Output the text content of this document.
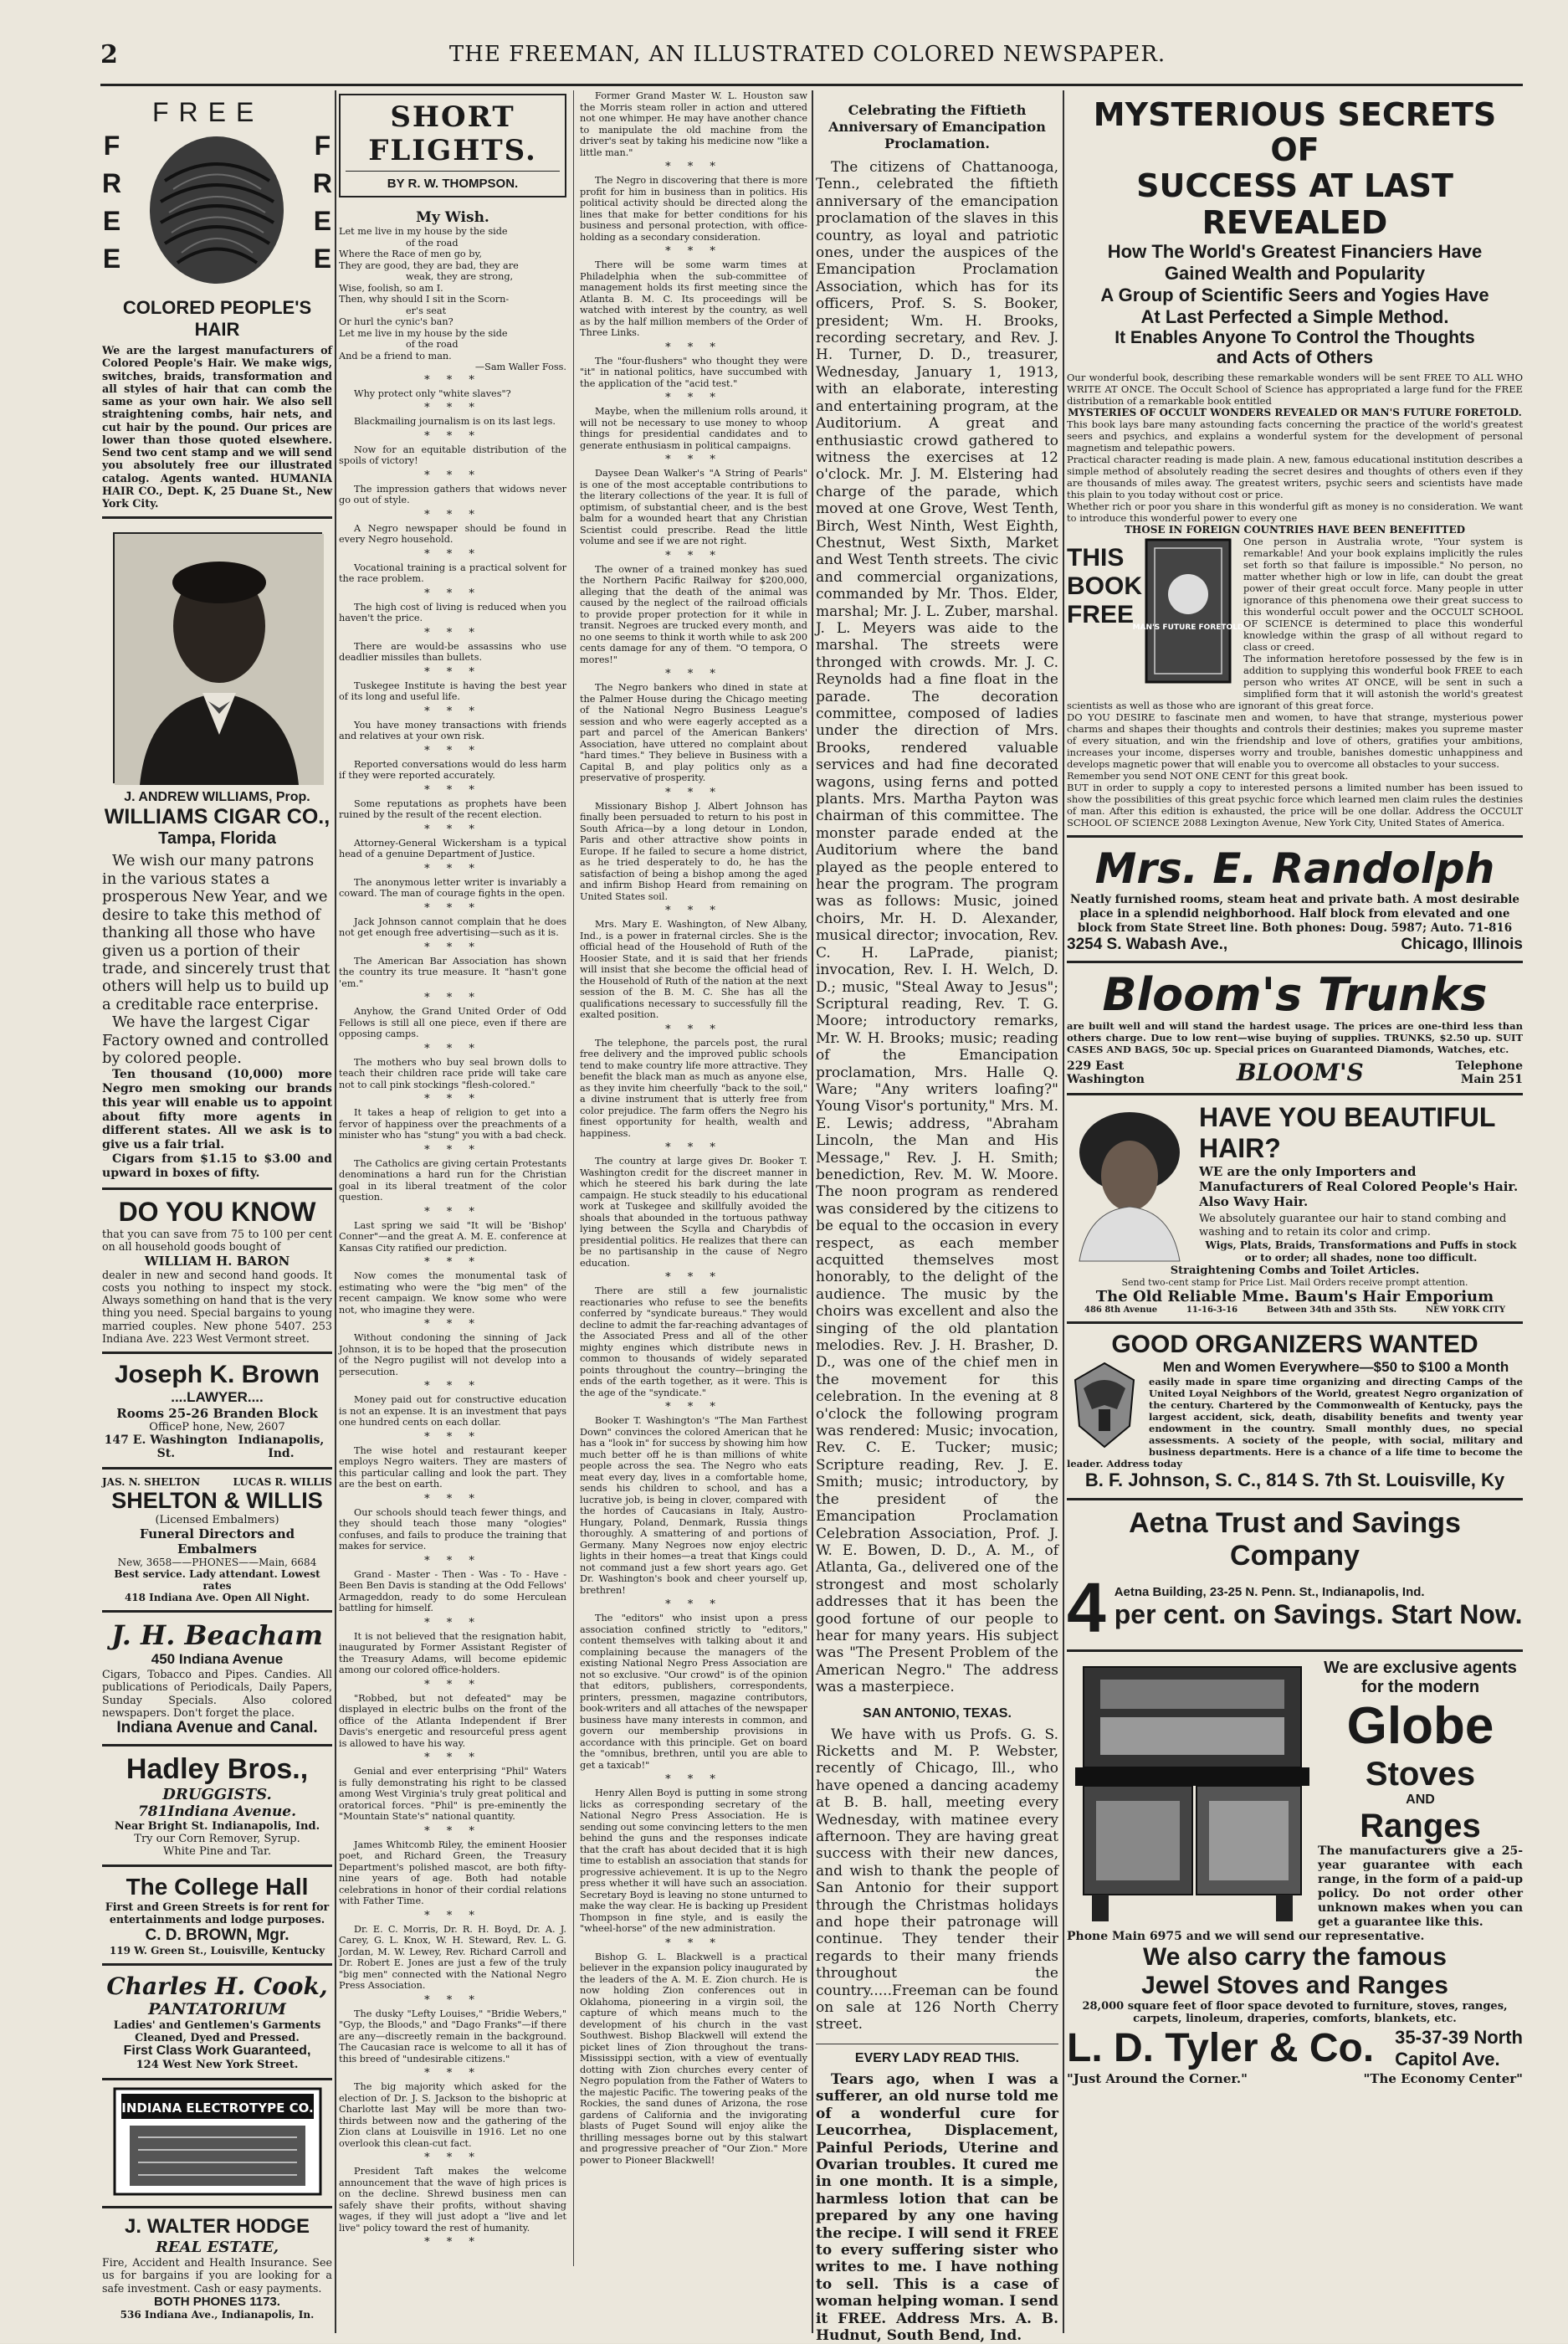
2	THE FREEMAN, AN ILLUSTRATED COLORED NEWSPAPER.
FREE
F
R
E
E
F
R
E
E
COLORED PEOPLE'S HAIR
We are the largest manufacturers of Colored People's Hair. We make wigs, switches, braids, transformation and all styles of hair that can comb the same as your own hair. We also sell straightening combs, hair nets, and cut hair by the pound. Our prices are lower than those quoted elsewhere. Send two cent stamp and we will send you absolutely free our illustrated catalog. Agents wanted. HUMANIA HAIR CO., Dept. K, 25 Duane St., New York City.
J. ANDREW WILLIAMS, Prop.
WILLIAMS CIGAR CO.,
Tampa, Florida

We wish our many patrons in the various states a prosperous New Year, and we desire to take this method of thanking all those who have given us a portion of their trade, and sincerely trust that others will help us to build up a creditable race enterprise.

We have the largest Cigar Factory owned and controlled by colored people.

Ten thousand (10,000) more Negro men smoking our brands this year will enable us to appoint about fifty more agents in different states. All we ask is to give us a fair trial.

Cigars from $1.15 to $3.00 and upward in boxes of fifty.

DO YOU KNOW
that you can save from 75 to 100 per cent on all household goods bought of
WILLIAM H. BARON
dealer in new and second hand goods. It costs you nothing to inspect my stock. Always something on hand that is the very thing you need. Special bargains to young married couples. New phone 5407. 253 Indiana Ave. 223 West Vermont street.
Joseph K. Brown
....LAWYER....
Rooms 25-26 Branden Block
OfficeP hone, New, 2607
147 E. Washington St.
Indianapolis, Ind.
JAS. N. SHELTON	LUCAS R. WILLIS
SHELTON & WILLIS
(Licensed Embalmers)
Funeral Directors and Embalmers
New, 3658——PHONES——Main, 6684
Best service. Lady attendant. Lowest rates
418 Indiana Ave. Open All Night.
J. H. Beacham
450 Indiana Avenue
Cigars, Tobacco and Pipes. Candies. All publications of Periodicals, Daily Papers, Sunday Specials. Also colored newspapers. Don't forget the place.
Indiana Avenue and Canal.
Hadley Bros.,
DRUGGISTS.
781Indiana Avenue.
Near Bright St. Indianapolis, Ind.
Try our Corn Remover, Syrup.
White Pine and Tar.
The College Hall
First and Green Streets is for rent for entertainments and lodge purposes.
C. D. BROWN, Mgr.
119 W. Green St., Louisville, Kentucky
Charles H. Cook,
PANTATORIUM
Ladies' and Gentlemen's Garments Cleaned, Dyed and Pressed.
First Class Work Guaranteed,
124 West New York Street.
INDIANA ELECTROTYPE CO.
J. WALTER HODGE
REAL ESTATE,
Fire, Accident and Health Insurance. See us for bargains if you are looking for a safe investment. Cash or easy payments.
BOTH PHONES 1173.
536 Indiana Ave., Indianapolis, In.
SHORT FLIGHTS.
BY R. W. THOMPSON.
My Wish.
Let me live in my house by the side
of the road
Where the Race of men go by,
They are good, they are bad, they are
weak, they are strong,
Wise, foolish, so am I.
Then, why should I sit in the Scorn-
er's seat
Or hurl the cynic's ban?
Let me live in my house by the side
of the road
And be a friend to man.
—Sam Waller Foss.
* * *

Why protect only "white slaves"?

* * *

Blackmailing journalism is on its last legs.

* * *

Now for an equitable distribution of the spoils of victory!

* * *

The impression gathers that widows never go out of style.

* * *

A Negro newspaper should be found in every Negro household.

* * *

Vocational training is a practical solvent for the race problem.

* * *

The high cost of living is reduced when you haven't the price.

* * *

There are would-be assassins who use deadlier missiles than bullets.

* * *

Tuskegee Institute is having the best year of its long and useful life.

* * *

You have money transactions with friends and relatives at your own risk.

* * *

Reported conversations would do less harm if they were reported accurately.

* * *

Some reputations as prophets have been ruined by the result of the recent election.

* * *

Attorney-General Wickersham is a typical head of a genuine Department of Justice.

* * *

The anonymous letter writer is invariably a coward. The man of courage fights in the open.

* * *

Jack Johnson cannot complain that he does not get enough free advertising—such as it is.

* * *

The American Bar Association has shown the country its true measure. It "hasn't gone 'em."

* * *

Anyhow, the Grand United Order of Odd Fellows is still all one piece, even if there are opposing camps.

* * *

The mothers who buy seal brown dolls to teach their children race pride will take care not to call pink stockings "flesh-colored."

* * *

It takes a heap of religion to get into a fervor of happiness over the preachments of a minister who has "stung" you with a bad check.

* * *

The Catholics are giving certain Protestants denominations a hard run for the Christian goal in its liberal treatment of the color question.

* * *

Last spring we said "It will be 'Bishop' Conner"—and the great A. M. E. conference at Kansas City ratified our prediction.

* * *

Now comes the monumental task of estimating who were the "big men" of the recent campaign. We know some who were not, who imagine they were.

* * *

Without condoning the sinning of Jack Johnson, it is to be hoped that the prosecution of the Negro pugilist will not develop into a persecution.

* * *

Money paid out for constructive education is not an expense. It is an investment that pays one hundred cents on each dollar.

* * *

The wise hotel and restaurant keeper employs Negro waiters. They are masters of this particular calling and look the part. They are the best on earth.

* * *

Our schools should teach fewer things, and they should teach those many "ologies" confuses, and fails to produce the training that makes for service.

* * *

Grand - Master - Then - Was - To - Have - Been Ben Davis is standing at the Odd Fellows' Armageddon, ready to do some Herculean battling for himself.

* * *

It is not believed that the resignation habit, inaugurated by Former Assistant Register of the Treasury Adams, will become epidemic among our colored office-holders.

* * *

"Robbed, but not defeated" may be displayed in electric bulbs on the front of the office of the Atlanta Independent if Brer Davis's energetic and resourceful press agent is allowed to have his way.

* * *

Genial and ever enterprising "Phil" Waters is fully demonstrating his right to be classed among West Virginia's truly great political and oratorical forces. "Phil" is pre-eminently the "Mountain State's" national quantity.

* * *

James Whitcomb Riley, the eminent Hoosier poet, and Richard Green, the Treasury Department's polished mascot, are both fifty-nine years of age. Both had notable celebrations in honor of their cordial relations with Father Time.

* * *

Dr. E. C. Morris, Dr. R. H. Boyd, Dr. A. J. Carey, G. L. Knox, W. H. Steward, Rev. L. G. Jordan, M. W. Lewey, Rev. Richard Carroll and Dr. Robert E. Jones are just a few of the truly "big men" connected with the National Negro Press Association.

* * *

The dusky "Lefty Louises," "Bridie Webers," "Gyp, the Bloods," and "Dago Franks"—if there are any—discreetly remain in the background. The Caucasian race is welcome to all it has of this breed of "undesirable citizens."

* * *

The big majority which asked for the election of Dr. J. S. Jackson to the bishopric at Charlotte last May will be more than two-thirds between now and the gathering of the Zion clans at Louisville in 1916. Let no one overlook this clean-cut fact.

* * *

President Taft makes the welcome announcement that the wave of high prices is on the decline. Shrewd business men can safely shave their profits, without shaving wages, if they will just adopt a "live and let live" policy toward the rest of humanity.

* * *

Former Grand Master W. L. Houston saw the Morris steam roller in action and uttered not one whimper. He may have another chance to manipulate the old machine from the driver's seat by taking his medicine now "like a little man."

* * *

The Negro in discovering that there is more profit for him in business than in politics. His political activity should be directed along the lines that make for better conditions for his business and personal protection, with office-holding as a secondary consideration.

* * *

There will be some warm times at Philadelphia when the sub-committee of management holds its first meeting since the Atlanta B. M. C. Its proceedings will be watched with interest by the country, as well as by the half million members of the Order of Three Links.

* * *

The "four-flushers" who thought they were "it" in national politics, have succumbed with the application of the "acid test."

* * *

Maybe, when the millenium rolls around, it will not be necessary to use money to whoop things for presidential candidates and to generate enthusiasm in political campaigns.

* * *

Daysee Dean Walker's "A String of Pearls" is one of the most acceptable contributions to the literary collections of the year. It is full of optimism, of substantial cheer, and is the best balm for a wounded heart that any Christian Scientist could prescribe. Read the little volume and see if we are not right.

* * *

The owner of a trained monkey has sued the Northern Pacific Railway for $200,000, alleging that the death of the animal was caused by the neglect of the railroad officials to provide proper protection for it while in transit. Negroes are trucked every month, and no one seems to think it worth while to ask 200 cents damage for any of them. "O tempora, O mores!"

* * *

The Negro bankers who dined in state at the Palmer House during the Chicago meeting of the National Negro Business League's session and who were eagerly accepted as a part and parcel of the American Bankers' Association, have uttered no complaint about "hard times." They believe in Business with a Capital B, and play politics only as a preservative of prosperity.

* * *

Missionary Bishop J. Albert Johnson has finally been persuaded to return to his post in South Africa—by a long detour in London, Paris and other attractive show points in Europe. If he failed to secure a home district, as he tried desperately to do, he has the satisfaction of being a bishop among the aged and infirm Bishop Heard from remaining on United States soil.

* * *

Mrs. Mary E. Washington, of New Albany, Ind., is a power in fraternal circles. She is the official head of the Household of Ruth of the Hoosier State, and it is said that her friends will insist that she become the official head of the Household of Ruth of the nation at the next session of the B. M. C. She has all the qualifications necessary to successfully fill the exalted position.

* * *

The telephone, the parcels post, the rural free delivery and the improved public schools tend to make country life more attractive. They benefit the black man as much as anyone else, as they invite him cheerfully "back to the soil," a divine instrument that is utterly free from color prejudice. The farm offers the Negro his finest opportunity for health, wealth and happiness.

* * *

The country at large gives Dr. Booker T. Washington credit for the discreet manner in which he steered his bark during the late campaign. He stuck steadily to his educational work at Tuskegee and skillfully avoided the shoals that abounded in the tortuous pathway lying between the Scylla and Charybdis of presidential politics. He realizes that there can be no partisanship in the cause of Negro education.

* * *

There are still a few journalistic reactionaries who refuse to see the benefits conferred by "syndicate bureaus." They would decline to admit the far-reaching advantages of the Associated Press and all of the other mighty engines which distribute news in common to thousands of widely separated points throughout the country—bringing the ends of the earth together, as it were. This is the age of the "syndicate."

* * *

Booker T. Washington's "The Man Farthest Down" convinces the colored American that he has a "look in" for success by showing him how much better off he is than millions of white people across the sea. The Negro who eats meat every day, lives in a comfortable home, sends his children to school, and has a lucrative job, is being in clover, compared with the hordes of Caucasians in Italy, Austro-Hungary, Poland, Denmark, Russia things thoroughly. A smattering of and portions of Germany. Many Negroes now enjoy electric lights in their homes—a treat that Kings could not command just a few short years ago. Get Dr. Washington's book and cheer yourself up, brethren!

* * *

The "editors" who insist upon a press association confined strictly to "editors," content themselves with talking about it and complaining because the managers of the existing National Negro Press Association are not so exclusive. "Our crowd" is of the opinion that editors, publishers, correspondents, printers, pressmen, magazine contributors, book-writers and all attaches of the newspaper business have many interests in common, and govern our membership provisions in accordance with this principle. Get on board the "omnibus, brethren, until you are able to get a taxicab!"

* * *

Henry Allen Boyd is putting in some strong licks as corresponding secretary of the National Negro Press Association. He is sending out some convincing letters to the men behind the guns and the responses indicate that the craft has about decided that it is high time to establish an association that stands for progressive achievement. It is up to the Negro press whether it will have such an association. Secretary Boyd is leaving no stone unturned to make the way clear. He is backing up President Thompson in fine style, and is easily the "wheel-horse" of the new administration.

* * *

Bishop G. L. Blackwell is a practical believer in the expansion policy inaugurated by the leaders of the A. M. E. Zion church. He is now holding Zion conferences out in Oklahoma, pioneering in a virgin soil, the capture of which means much to the development of his church in the vast Southwest. Bishop Blackwell will extend the picket lines of Zion throughout the trans-Mississippi section, with a view of eventually dotting with Zion churches every center of Negro population from the Father of Waters to the majestic Pacific. The towering peaks of the Rockies, the sand dunes of Arizona, the rose gardens of California and the invigorating blasts of Puget Sound will enjoy alike the thrilling messages borne out by this stalwart and progressive preacher of "Our Zion." More power to Pioneer Blackwell!

Celebrating the Fiftieth Anniversary of Emancipation Proclamation.

The citizens of Chattanooga, Tenn., celebrated the fiftieth anniversary of the emancipation proclamation of the slaves in this country, as loyal and patriotic ones, under the auspices of the Emancipation Proclamation Association, which has for its officers, Prof. S. S. Booker, president; Wm. H. Brooks, recording secretary, and Rev. J. H. Turner, D. D., treasurer, Wednesday, January 1, 1913, with an elaborate, interesting and entertaining program, at the Auditorium. A great and enthusiastic crowd gathered to witness the exercises at 12 o'clock. Mr. J. M. Elstering had charge of the parade, which moved at one Grove, West Tenth, Birch, West Ninth, West Eighth, Chestnut, West Sixth, Market and West Tenth streets. The civic and commercial organizations, commanded by Mr. Thos. Elder, marshal; Mr. J. L. Zuber, marshal. J. L. Meyers was aide to the marshal. The streets were thronged with crowds. Mr. J. C. Reynolds had a fine float in the parade. The decoration committee, composed of ladies under the direction of Mrs. Brooks, rendered valuable services and had fine decorated wagons, using ferns and potted plants. Mrs. Martha Payton was chairman of this committee. The monster parade ended at the Auditorium where the band played as the people entered to hear the program. The program was as follows: Music, joined choirs, Mr. H. D. Alexander, musical director; invocation, Rev. C. H. LaPrade, pianist; invocation, Rev. I. H. Welch, D. D.; music, "Steal Away to Jesus"; Scriptural reading, Rev. T. G. Moore; introductory remarks, Mr. W. H. Brooks; music; reading of the Emancipation proclamation, Mrs. Halle Q. Ware; "Any writers loafing?" Young Visor's portunity," Mrs. M. E. Lewis; address, "Abraham Lincoln, the Man and His Message," Rev. J. H. Smith; benediction, Rev. M. W. Moore. The noon program as rendered was considered by the citizens to be equal to the occasion in every respect, as each member acquitted themselves most honorably, to the delight of the audience. The music by the choirs was excellent and also the singing of the old plantation melodies. Rev. J. H. Brasher, D. D., was one of the chief men in the movement for this celebration. In the evening at 8 o'clock the following program was rendered: Music; invocation, Rev. C. E. Tucker; music; Scripture reading, Rev. J. E. Smith; music; introductory, by the president of the Emancipation Proclamation Celebration Association, Prof. J. W. E. Bowen, D. D., A. M., of Atlanta, Ga., delivered one of the strongest and most scholarly addresses that it has been the good fortune of our people to hear for many years. His subject was "The Present Problem of the American Negro." The address was a masterpiece.

SAN ANTONIO, TEXAS.

We have with us Profs. G. S. Ricketts and M. P. Webster, recently of Chicago, Ill., who have opened a dancing academy at B. B. hall, meeting every Wednesday, with matinee every afternoon. They are having great success with their new dances, and wish to thank the people of San Antonio for their support through the Christmas holidays and hope their patronage will continue. They tender their regards to their many friends throughout the country.....Freeman can be found on sale at 126 North Cherry street.

EVERY LADY READ THIS.

Tears ago, when I was a sufferer, an old nurse told me of a wonderful cure for Leucorrhea, Displacement, Painful Periods, Uterine and Ovarian troubles. It cured me in one month. It is a simple, harmless lotion that can be prepared by any one having the recipe. I will send it FREE to every suffering sister who writes to me. I have nothing to sell. This is a case of woman helping woman. I send it FREE. Address Mrs. A. B. Hudnut, South Bend, Ind.

MYSTERIOUS SECRETS OF
SUCCESS AT LAST REVEALED
How The World's Greatest Financiers Have
Gained Wealth and Popularity
A Group of Scientific Seers and Yogies Have
At Last Perfected a Simple Method.
It Enables Anyone To Control the Thoughts
and Acts of Others
Our wonderful book, describing these remarkable wonders will be sent FREE TO ALL WHO WRITE AT ONCE. The Occult School of Science has appropriated a large fund for the FREE distribution of a remarkable book entitled
MYSTERIES OF OCCULT WONDERS REVEALED OR MAN'S FUTURE FORETOLD.
This book lays bare many astounding facts concerning the practice of the world's greatest seers and psychics, and explains a wonderful system for the development of personal magnetism and telepathic powers.
Practical character reading is made plain. A new, famous educational institution describes a simple method of absolutely reading the secret desires and thoughts of others even if they are thousands of miles away. The greatest writers, psychic seers and scientists have made this plain to you today without cost or price.
Whether rich or poor you share in this wonderful gift as money is no consideration. We want to introduce this wonderful power to every one
THOSE IN FOREIGN COUNTRIES HAVE BEEN BENEFITTED
THIS
BOOK
FREE
MAN'S FUTURE FORETOLD
One person in Australia wrote, "Your system is remarkable! And your book explains implicitly the rules set forth so that failure is impossible." No person, no matter whether high or low in life, can doubt the great power of their great occult force. Many people in utter ignorance of this phenomena owe their great success to this wonderful occult power and the OCCULT SCHOOL OF SCIENCE is determined to place this wonderful knowledge within the grasp of all without regard to class or creed.
The information heretofore possessed by the few is in addition to supplying this wonderful book FREE to each person who writes AT ONCE, will be sent in such a simplified form that it will astonish the world's greatest scientists as well as those who are ignorant of this great force.
DO YOU DESIRE to fascinate men and women, to have that strange, mysterious power charms and shapes their thoughts and controls their destinies; makes you supreme master of every situation, and win the friendship and love of others, gratifies your ambitions, increases your income, disperses worry and trouble, banishes domestic unhappiness and develops magnetic power that will enable you to overcome all obstacles to your success.
Remember you send NOT ONE CENT for this great book.
BUT in order to supply a copy to interested persons a limited number has been issued to show the possibilities of this great psychic force which learned men claim rules the destinies of man. After this edition is exhausted, the price will be one dollar. Address the OCCULT SCHOOL OF SCIENCE 2088 Lexington Avenue, New York City, United States of America.
Mrs. E. Randolph
Neatly furnished rooms, steam heat and private bath. A most desirable place in a splendid neighborhood. Half block from elevated and one block from State Street line. Both phones: Doug. 5987; Auto. 71-816
3254 S. Wabash Ave.,	Chicago, Illinois
Bloom's Trunks
are built well and will stand the hardest usage. The prices are one-third less than others charge. Due to low rent—wise buying of supplies. TRUNKS, $2.50 up. SUIT CASES AND BAGS, 50c up. Special prices on Guaranteed Diamonds, Watches, etc.
229 East
Washington	BLOOM'S	Telephone
Main 251
HAVE YOU BEAUTIFUL HAIR?
WE are the only Importers and Manufacturers of Real Colored People's Hair. Also Wavy Hair.
We absolutely guarantee our hair to stand combing and washing and to retain its color and crimp.
Wigs, Plats, Braids, Transformations and Puffs in stock or to order; all shades, none too difficult.
Straightening Combs and Toilet Articles.
Send two-cent stamp for Price List. Mail Orders receive prompt attention.
The Old Reliable Mme. Baum's Hair Emporium
486 8th Avenue          11-16-3-16          Between 34th and 35th Sts.          NEW YORK CITY
GOOD ORGANIZERS WANTED
Men and Women Everywhere—$50 to $100 a Month
easily made in spare time organizing and directing Camps of the United Loyal Neighbors of the World, greatest Negro organization of the century. Chartered by the Commonwealth of Kentucky, pays the largest accident, sick, death, disability benefits and twenty year endowment in the country. Small monthly dues, no special assessments. A society of the people, with social, military and business departments. Here is a chance of a life time to become the leader. Address today
B. F. Johnson, S. C., 814 S. 7th St. Louisville, Ky
Aetna Trust and Savings Company
4 Aetna Building, 23-25 N. Penn. St., Indianapolis, Ind.
per cent. on Savings. Start Now.
We are exclusive agents
for the modern
Globe
Stoves
AND
Ranges
The manufacturers give a 25-year guarantee with each range, in the form of a paid-up policy. Do not order other unknown makes when you can get a guarantee like this.
Phone Main 6975 and we will send our representative.
We also carry the famous
Jewel Stoves and Ranges
28,000 square feet of floor space devoted to furniture, stoves, ranges, carpets, linoleum, draperies, comforts, blankets, etc.
L. D. Tyler & Co. 35-37-39 North
Capitol Ave.
"Just Around the Corner."	"The Economy Center"
